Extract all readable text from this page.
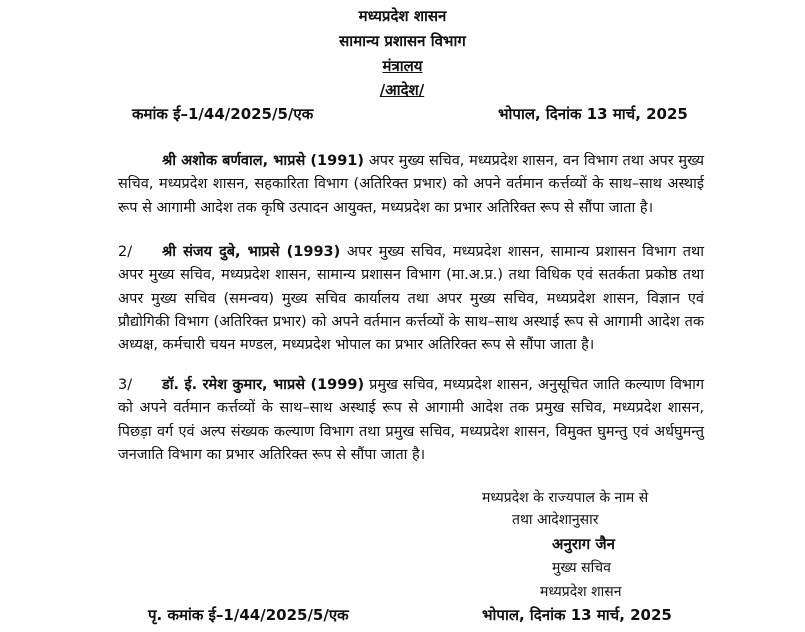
मध्यप्रदेश शासन
सामान्य प्रशासन विभाग
मंत्रालय
/आदेश/
कमांक ई–1/44/2025/5/एक	भोपाल, दिनांक 13 मार्च, 2025
श्री अशोक बर्णवाल, भाप्रसे (1991) अपर मुख्य सचिव, मध्यप्रदेश शासन, वन विभाग तथा अपर मुख्य सचिव, मध्यप्रदेश शासन, सहकारिता विभाग (अतिरिक्त प्रभार) को अपने वर्तमान कर्त्तव्यों के साथ–साथ अस्थाई रूप से आगामी आदेश तक कृषि उत्पादन आयुक्त, मध्यप्रदेश का प्रभार अतिरिक्त रूप से सौंपा जाता है।
2/ श्री संजय दुबे, भाप्रसे (1993) अपर मुख्य सचिव, मध्यप्रदेश शासन, सामान्य प्रशासन विभाग तथा अपर मुख्य सचिव, मध्यप्रदेश शासन, सामान्य प्रशासन विभाग (मा.अ.प्र.) तथा विधिक एवं सतर्कता प्रकोष्ठ तथा अपर मुख्य सचिव (समन्वय) मुख्य सचिव कार्यालय तथा अपर मुख्य सचिव, मध्यप्रदेश शासन, विज्ञान एवं प्रौद्योगिकी विभाग (अतिरिक्त प्रभार) को अपने वर्तमान कर्त्तव्यों के साथ–साथ अस्थाई रूप से आगामी आदेश तक अध्यक्ष, कर्मचारी चयन मण्डल, मध्यप्रदेश भोपाल का प्रभार अतिरिक्त रूप से सौंपा जाता है।
3/ डॉ. ई. रमेश कुमार, भाप्रसे (1999) प्रमुख सचिव, मध्यप्रदेश शासन, अनुसूचित जाति कल्याण विभाग को अपने वर्तमान कर्त्तव्यों के साथ–साथ अस्थाई रूप से आगामी आदेश तक प्रमुख सचिव, मध्यप्रदेश शासन, पिछड़ा वर्ग एवं अल्प संख्यक कल्याण विभाग तथा प्रमुख सचिव, मध्यप्रदेश शासन, विमुक्त घुमन्तु एवं अर्धघुमन्तु जनजाति विभाग का प्रभार अतिरिक्त रूप से सौंपा जाता है।
मध्यप्रदेश के राज्यपाल के नाम से
तथा आदेशानुसार
अनुराग जैन
मुख्य सचिव
मध्यप्रदेश शासन
पृ. कमांक ई–1/44/2025/5/एक	भोपाल, दिनांक 13 मार्च, 2025
